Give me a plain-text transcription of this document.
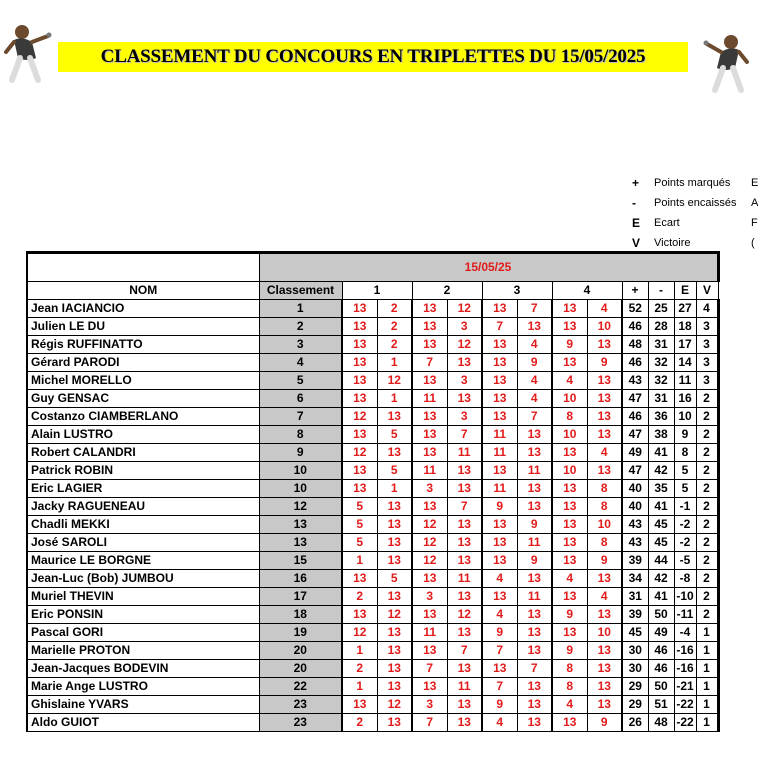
CLASSEMENT DU CONCOURS EN TRIPLETTES DU 15/05/2025
+	Points marqués	E
-	Points encaissés	A
E	Ecart	F
V	Victoire	(
	15/05/25												
NOM	Classement	1		2		3		4		+	-	E	V
Jean IACIANCIO	1	13	2	13	12	13	7	13	4	52	25	27	4
Julien LE DU	2	13	2	13	3	7	13	13	10	46	28	18	3
Régis RUFFINATTO	3	13	2	13	12	13	4	9	13	48	31	17	3
Gérard PARODI	4	13	1	7	13	13	9	13	9	46	32	14	3
Michel MORELLO	5	13	12	13	3	13	4	4	13	43	32	11	3
Guy GENSAC	6	13	1	11	13	13	4	10	13	47	31	16	2
Costanzo CIAMBERLANO	7	12	13	13	3	13	7	8	13	46	36	10	2
Alain LUSTRO	8	13	5	13	7	11	13	10	13	47	38	9	2
Robert CALANDRI	9	12	13	13	11	11	13	13	4	49	41	8	2
Patrick ROBIN	10	13	5	11	13	13	11	10	13	47	42	5	2
Eric LAGIER	10	13	1	3	13	11	13	13	8	40	35	5	2
Jacky RAGUENEAU	12	5	13	13	7	9	13	13	8	40	41	-1	2
Chadli MEKKI	13	5	13	12	13	13	9	13	10	43	45	-2	2
José SAROLI	13	5	13	12	13	13	11	13	8	43	45	-2	2
Maurice LE BORGNE	15	1	13	12	13	13	9	13	9	39	44	-5	2
Jean-Luc (Bob) JUMBOU	16	13	5	13	11	4	13	4	13	34	42	-8	2
Muriel THEVIN	17	2	13	3	13	13	11	13	4	31	41	-10	2
Eric PONSIN	18	13	12	13	12	4	13	9	13	39	50	-11	2
Pascal GORI	19	12	13	11	13	9	13	13	10	45	49	-4	1
Marielle PROTON	20	1	13	13	7	7	13	9	13	30	46	-16	1
Jean-Jacques BODEVIN	20	2	13	7	13	13	7	8	13	30	46	-16	1
Marie Ange LUSTRO	22	1	13	13	11	7	13	8	13	29	50	-21	1
Ghislaine YVARS	23	13	12	3	13	9	13	4	13	29	51	-22	1
Aldo GUIOT	23	2	13	7	13	4	13	13	9	26	48	-22	1
